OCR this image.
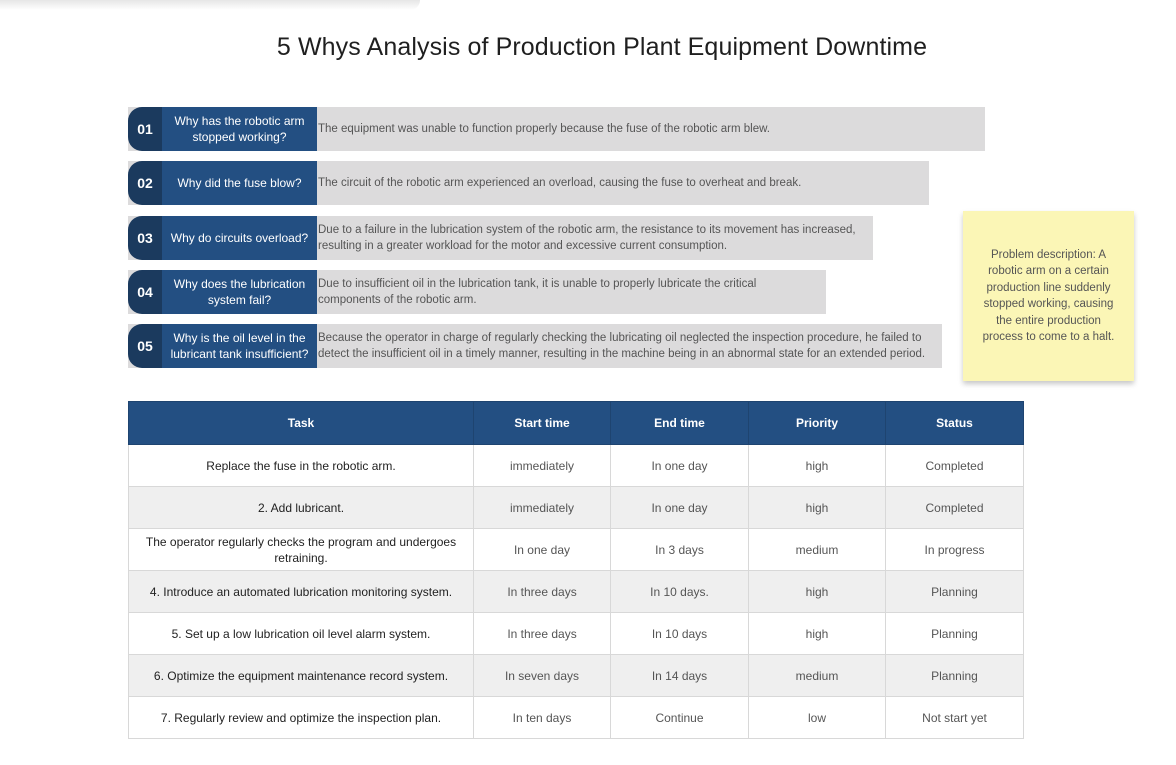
5 Whys Analysis of Production Plant Equipment Downtime
01	Why has the robotic arm stopped working?
The equipment was unable to function properly because the fuse of the robotic arm blew.
02	Why did the fuse blow?	The circuit of the robotic arm experienced an overload, causing the fuse to overheat and break.
03	Why do circuits overload?
Due to a failure in the lubrication system of the robotic arm, the resistance to its movement has increased, resulting in a greater workload for the motor and excessive current consumption.
04	Why does the lubrication system fail?
Due to insufficient oil in the lubrication tank, it is unable to properly lubricate the critical components of the robotic arm.
05	Why is the oil level in the lubricant tank insufficient?
Because the operator in charge of regularly checking the lubricating oil neglected the inspection procedure, he failed to detect the insufficient oil in a timely manner, resulting in the machine being in an abnormal state for an extended period.
Problem description: A robotic arm on a certain production line suddenly stopped working, causing the entire production process to come to a halt.
Task	Start time	End time	Priority	Status
Replace the fuse in the robotic arm.	immediately	In one day	high	Completed
2. Add lubricant.	immediately	In one day	high	Completed
The operator regularly checks the program and undergoes retraining.	In one day	In 3 days	medium	In progress
4. Introduce an automated lubrication monitoring system.	In three days	In 10 days.	high	Planning
5. Set up a low lubrication oil level alarm system.	In three days	In 10 days	high	Planning
6. Optimize the equipment maintenance record system.	In seven days	In 14 days	medium	Planning
7. Regularly review and optimize the inspection plan.	In ten days	Continue	low	Not start yet
